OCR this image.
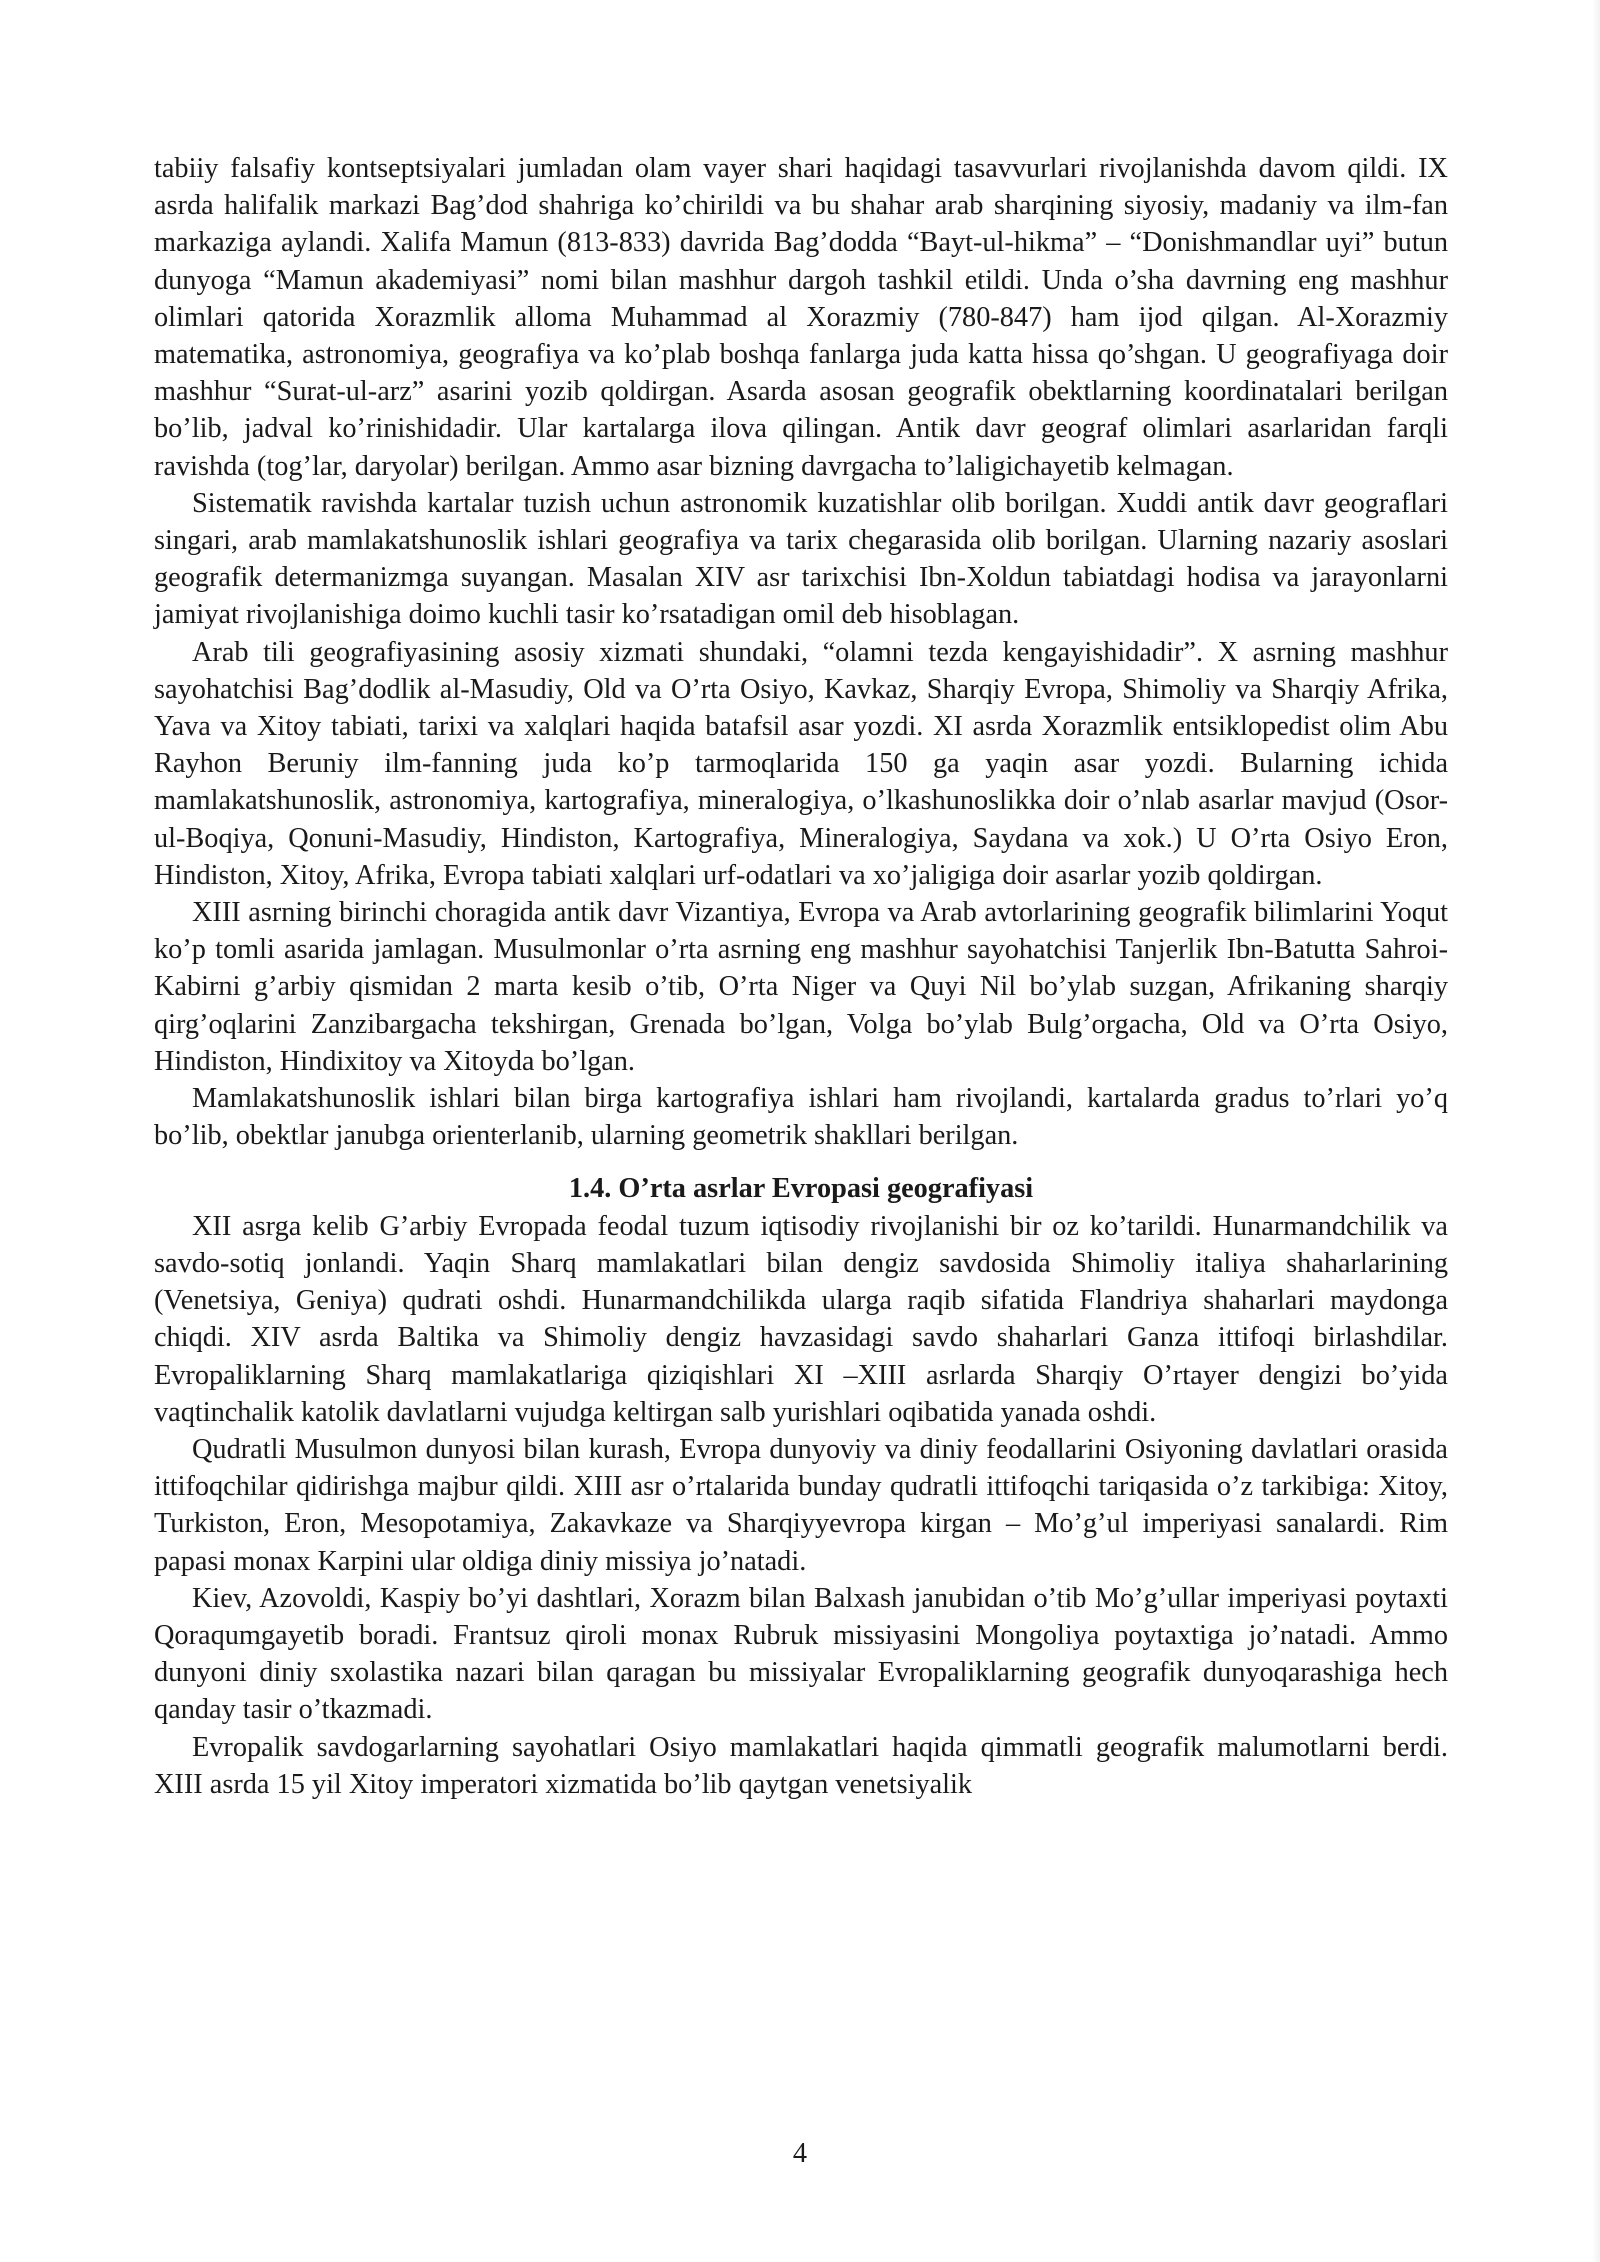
tabiiy falsafiy kontseptsiyalari jumladan olam vayer shari haqidagi tasavvurlari rivojlanishda davom qildi. IX asrda halifalik markazi Bag’dod shahriga ko’chirildi va bu shahar arab sharqining siyosiy, madaniy va ilm-fan markaziga aylandi. Xalifa Mamun (813-833) davrida Bag’dodda “Bayt-ul-hikma” – “Donishmandlar uyi” butun dunyoga “Mamun akademiyasi” nomi bilan mashhur dargoh tashkil etildi. Unda o’sha davrning eng mashhur olimlari qatorida Xorazmlik alloma Muhammad al Xorazmiy (780-847) ham ijod qilgan. Al-Xorazmiy matematika, astronomiya, geografiya va ko’plab boshqa fanlarga juda katta hissa qo’shgan. U geografiyaga doir mashhur “Surat-ul-arz” asarini yozib qoldirgan. Asarda asosan geografik obektlarning koordinatalari berilgan bo’lib, jadval ko’rinishidadir. Ular kartalarga ilova qilingan. Antik davr geograf olimlari asarlaridan farqli ravishda (tog’lar, daryolar) berilgan. Ammo asar bizning davrgacha to’laligichayetib kelmagan.

Sistematik ravishda kartalar tuzish uchun astronomik kuzatishlar olib borilgan. Xuddi antik davr geograflari singari, arab mamlakatshunoslik ishlari geografiya va tarix chegarasida olib borilgan. Ularning nazariy asoslari geografik determanizmga suyangan. Masalan XIV asr tarixchisi Ibn-Xoldun tabiatdagi hodisa va jarayonlarni jamiyat rivojlanishiga doimo kuchli tasir ko’rsatadigan omil deb hisoblagan.

Arab tili geografiyasining asosiy xizmati shundaki, “olamni tezda kengayishidadir”. X asrning mashhur sayohatchisi Bag’dodlik al-Masudiy, Old va O’rta Osiyo, Kavkaz, Sharqiy Evropa, Shimoliy va Sharqiy Afrika, Yava va Xitoy tabiati, tarixi va xalqlari haqida batafsil asar yozdi. XI asrda Xorazmlik entsiklopedist olim Abu Rayhon Beruniy ilm-fanning juda ko’p tarmoqlarida 150 ga yaqin asar yozdi. Bularning ichida mamlakatshunoslik, astronomiya, kartografiya, mineralogiya, o’lkashunoslikka doir o’nlab asarlar mavjud (Osor-ul-Boqiya, Qonuni-Masudiy, Hindiston, Kartografiya, Mineralogiya, Saydana va xok.) U O’rta Osiyo Eron, Hindiston, Xitoy, Afrika, Evropa tabiati xalqlari urf-odatlari va xo’jaligiga doir asarlar yozib qoldirgan.

XIII asrning birinchi choragida antik davr Vizantiya, Evropa va Arab avtorlarining geografik bilimlarini Yoqut ko’p tomli asarida jamlagan. Musulmonlar o’rta asrning eng mashhur sayohatchisi Tanjerlik Ibn-Batutta Sahroi-Kabirni g’arbiy qismidan 2 marta kesib o’tib, O’rta Niger va Quyi Nil bo’ylab suzgan, Afrikaning sharqiy qirg’oqlarini Zanzibargacha tekshirgan, Grenada bo’lgan, Volga bo’ylab Bulg’orgacha, Old va O’rta Osiyo, Hindiston, Hindixitoy va Xitoyda bo’lgan.

Mamlakatshunoslik ishlari bilan birga kartografiya ishlari ham rivojlandi, kartalarda gradus to’rlari yo’q bo’lib, obektlar janubga orienterlanib, ularning geometrik shakllari berilgan.

1.4. O’rta asrlar Evropasi geografiyasi

XII asrga kelib G’arbiy Evropada feodal tuzum iqtisodiy rivojlanishi bir oz ko’tarildi. Hunarmandchilik va savdo-sotiq jonlandi. Yaqin Sharq mamlakatlari bilan dengiz savdosida Shimoliy italiya shaharlarining (Venetsiya, Geniya) qudrati oshdi. Hunarmandchilikda ularga raqib sifatida Flandriya shaharlari maydonga chiqdi. XIV asrda Baltika va Shimoliy dengiz havzasidagi savdo shaharlari Ganza ittifoqi birlashdilar. Evropaliklarning Sharq mamlakatlariga qiziqishlari XI –XIII asrlarda Sharqiy O’rtayer dengizi bo’yida vaqtinchalik katolik davlatlarni vujudga keltirgan salb yurishlari oqibatida yanada oshdi.

Qudratli Musulmon dunyosi bilan kurash, Evropa dunyoviy va diniy feodallarini Osiyoning davlatlari orasida ittifoqchilar qidirishga majbur qildi. XIII asr o’rtalarida bunday qudratli ittifoqchi tariqasida o’z tarkibiga: Xitoy, Turkiston, Eron, Mesopotamiya, Zakavkaze va Sharqiyyevropa kirgan – Mo’g’ul imperiyasi sanalardi. Rim papasi monax Karpini ular oldiga diniy missiya jo’natadi.

Kiev, Azovoldi, Kaspiy bo’yi dashtlari, Xorazm bilan Balxash janubidan o’tib Mo’g’ullar imperiyasi poytaxti Qoraqumgayetib boradi. Frantsuz qiroli monax Rubruk missiyasini Mongoliya poytaxtiga jo’natadi. Ammo dunyoni diniy sxolastika nazari bilan qaragan bu missiyalar Evropaliklarning geografik dunyoqarashiga hech qanday tasir o’tkazmadi.

Evropalik savdogarlarning sayohatlari Osiyo mamlakatlari haqida qimmatli geografik malumotlarni berdi. XIII asrda 15 yil Xitoy imperatori xizmatida bo’lib qaytgan venetsiyalik

4
